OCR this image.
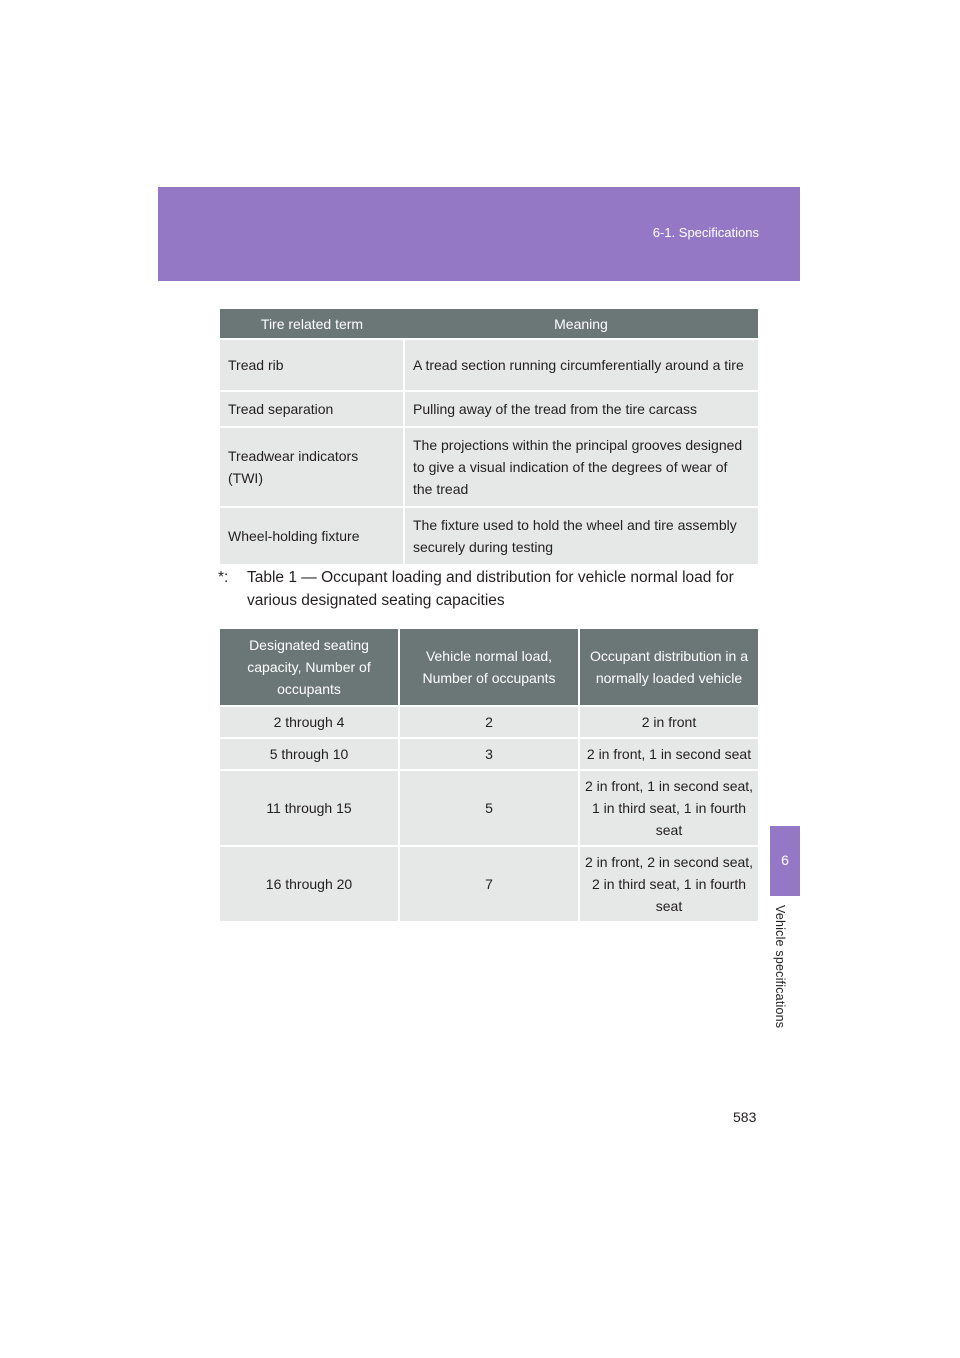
6-1. Specifications
6
Vehicle specifications
Tire related term	Meaning
Tread rib	A tread section running circumferentially around a tire
Tread separation	Pulling away of the tread from the tire carcass
Treadwear indicators (TWI)	The projections within the principal grooves designed to give a visual indication of the degrees of wear of the tread
Wheel-holding fixture	The fixture used to hold the wheel and tire assembly securely during testing
*:	Table 1 — Occupant loading and distribution for vehicle normal load for various designated seating capacities
Designated seating capacity, Number of occupants	Vehicle normal load, Number of occupants	Occupant distribution in a normally loaded vehicle
2 through 4	2	2 in front
5 through 10	3	2 in front, 1 in second seat
11 through 15	5	2 in front, 1 in second seat, 1 in third seat, 1 in fourth seat
16 through 20	7	2 in front, 2 in second seat, 2 in third seat, 1 in fourth seat
583
